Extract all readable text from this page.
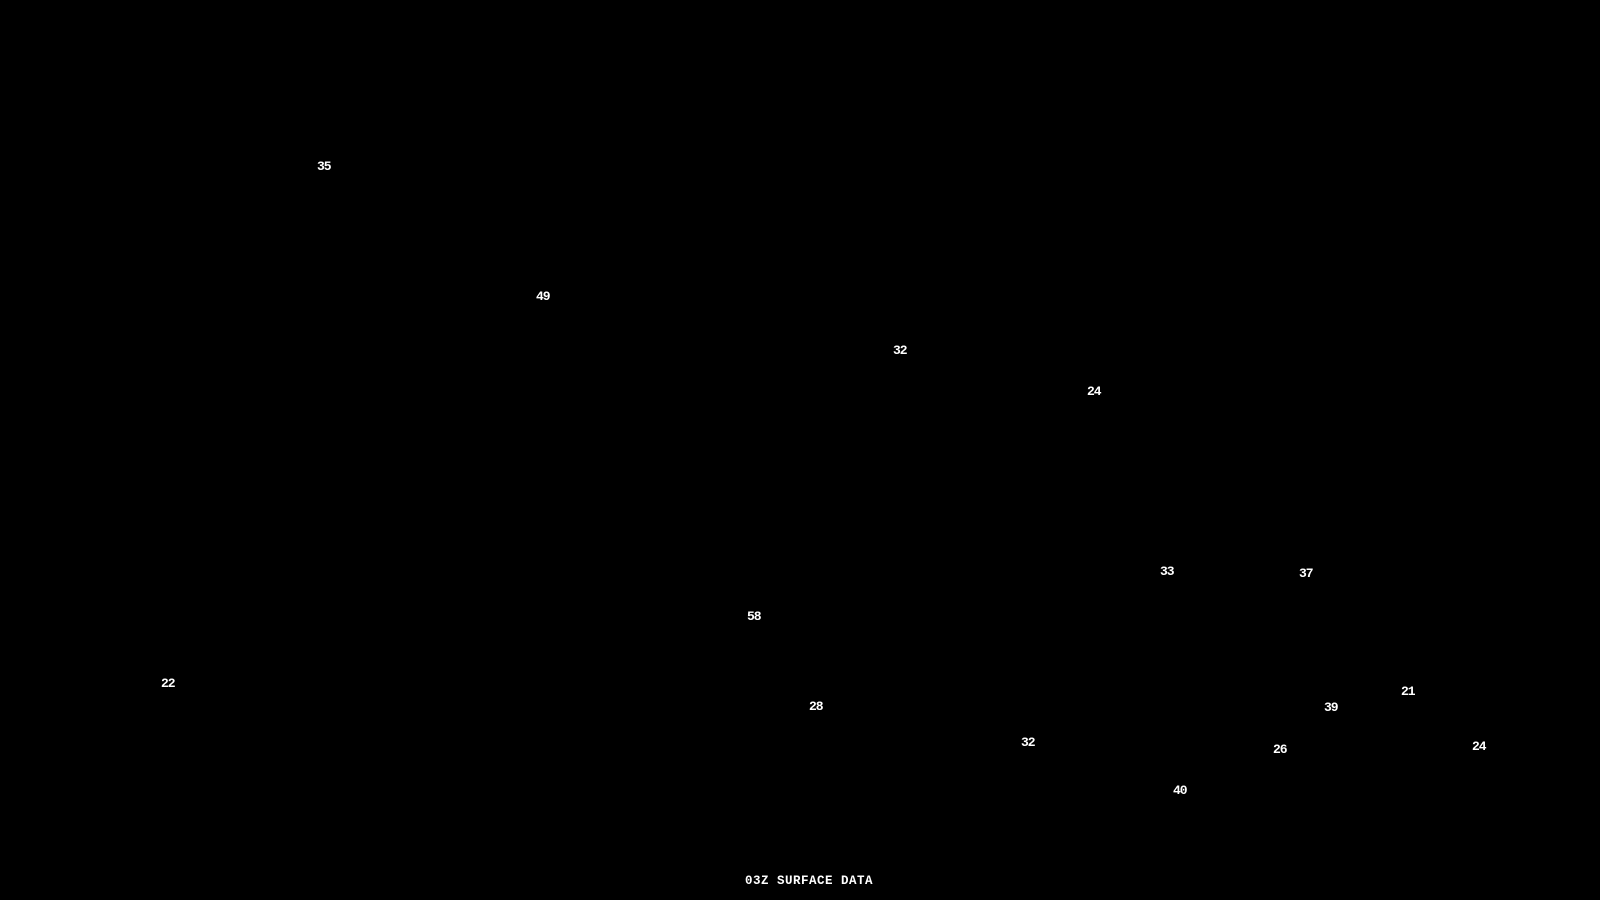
03Z SURFACE DATA
35
49
32
24
33	37
58
22
28
21
39
32	26	24
40
